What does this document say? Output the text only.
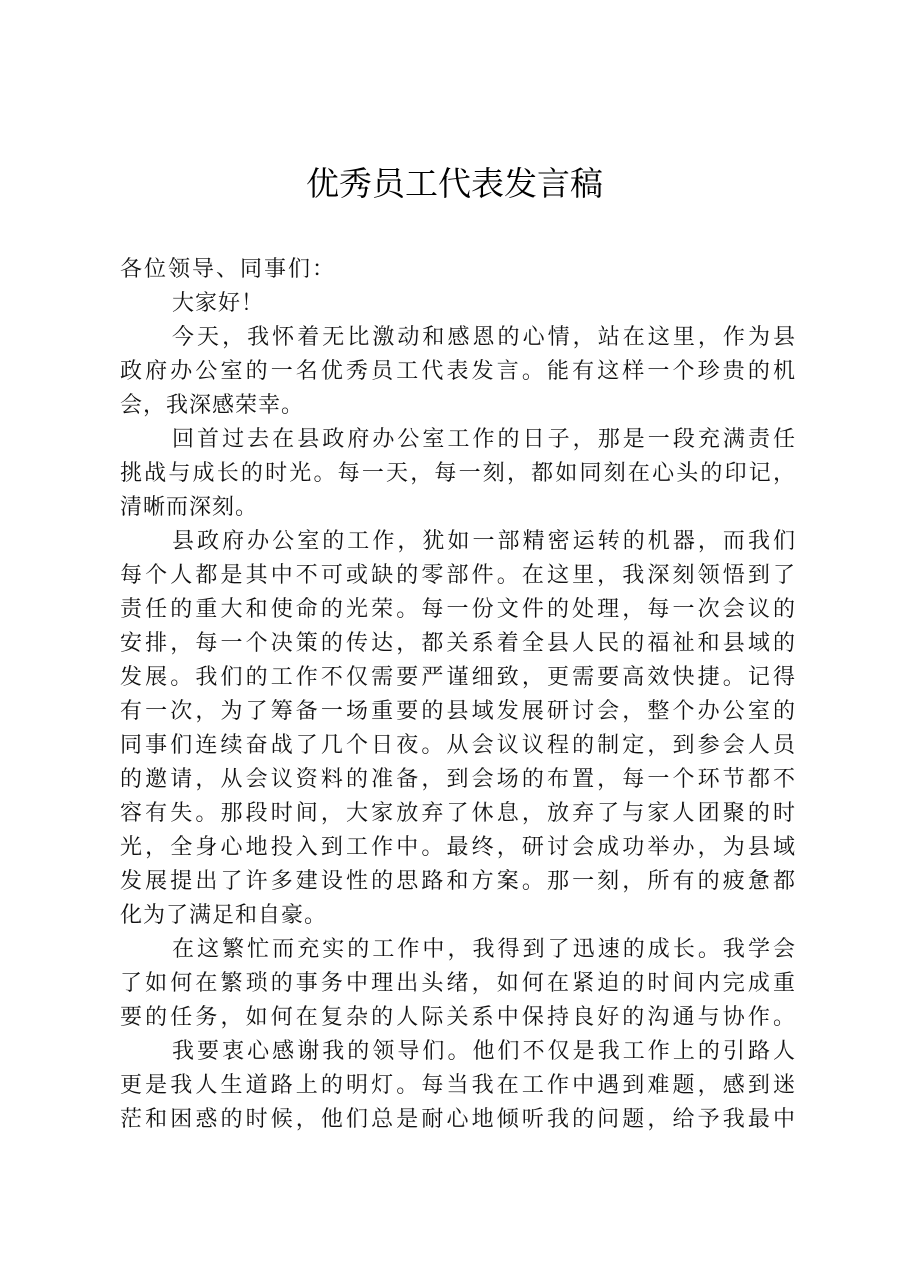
优秀员工代表发言稿
各位领导、同事们：
大家好！
今天，我怀着无比激动和感恩的心情，站在这里，作为县
政府办公室的一名优秀员工代表发言。能有这样一个珍贵的机
会，我深感荣幸。
回首过去在县政府办公室工作的日子，那是一段充满责任
挑战与成长的时光。每一天，每一刻，都如同刻在心头的印记，
清晰而深刻。
县政府办公室的工作，犹如一部精密运转的机器，而我们
每个人都是其中不可或缺的零部件。在这里，我深刻领悟到了
责任的重大和使命的光荣。每一份文件的处理，每一次会议的
安排，每一个决策的传达，都关系着全县人民的福祉和县域的
发展。我们的工作不仅需要严谨细致，更需要高效快捷。记得
有一次，为了筹备一场重要的县域发展研讨会，整个办公室的
同事们连续奋战了几个日夜。从会议议程的制定，到参会人员
的邀请，从会议资料的准备，到会场的布置，每一个环节都不
容有失。那段时间，大家放弃了休息，放弃了与家人团聚的时
光，全身心地投入到工作中。最终，研讨会成功举办，为县域
发展提出了许多建设性的思路和方案。那一刻，所有的疲惫都
化为了满足和自豪。
在这繁忙而充实的工作中，我得到了迅速的成长。我学会
了如何在繁琐的事务中理出头绪，如何在紧迫的时间内完成重
要的任务，如何在复杂的人际关系中保持良好的沟通与协作。
我要衷心感谢我的领导们。他们不仅是我工作上的引路人
更是我人生道路上的明灯。每当我在工作中遇到难题，感到迷
茫和困惑的时候，他们总是耐心地倾听我的问题，给予我最中
